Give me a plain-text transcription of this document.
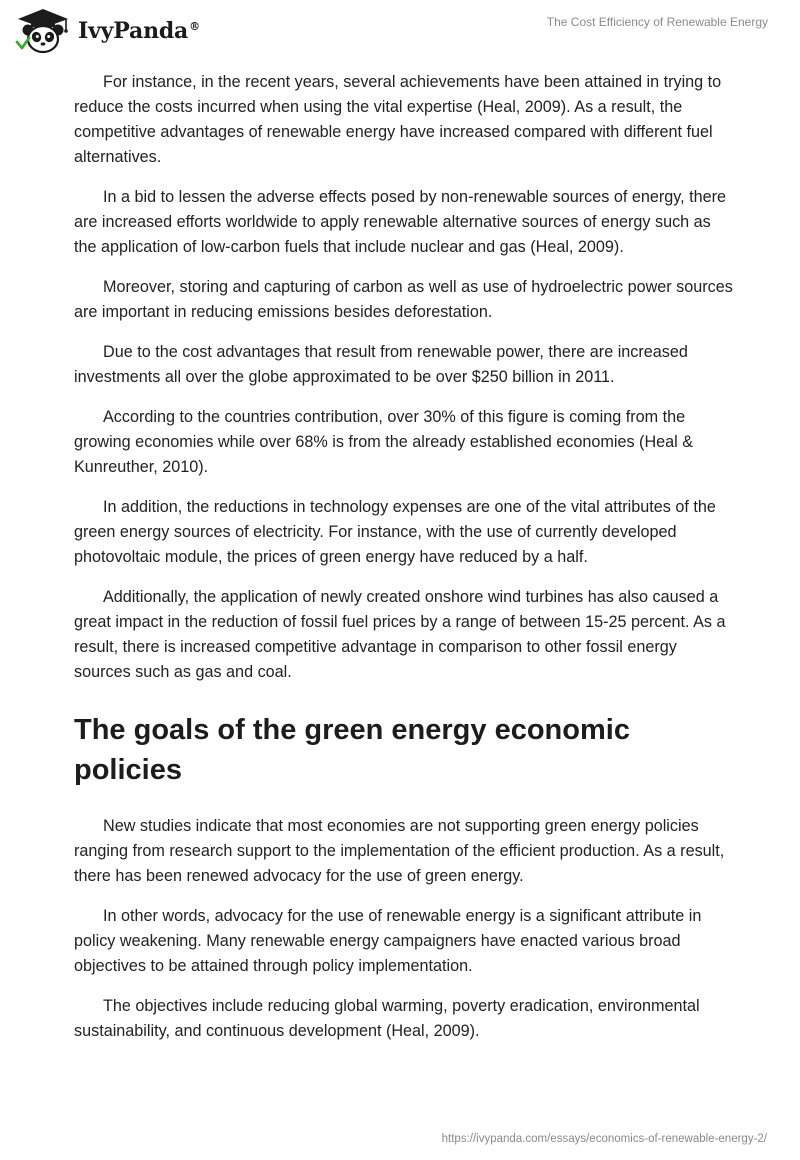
IvyPanda®	The Cost Efficiency of Renewable Energy

For instance, in the recent years, several achievements have been attained in trying to reduce the costs incurred when using the vital expertise (Heal, 2009). As a result, the competitive advantages of renewable energy have increased compared with different fuel alternatives.

In a bid to lessen the adverse effects posed by non-renewable sources of energy, there are increased efforts worldwide to apply renewable alternative sources of energy such as the application of low-carbon fuels that include nuclear and gas (Heal, 2009).

Moreover, storing and capturing of carbon as well as use of hydroelectric power sources are important in reducing emissions besides deforestation.

Due to the cost advantages that result from renewable power, there are increased investments all over the globe approximated to be over $250 billion in 2011.

According to the countries contribution, over 30% of this figure is coming from the growing economies while over 68% is from the already established economies (Heal & Kunreuther, 2010).

In addition, the reductions in technology expenses are one of the vital attributes of the green energy sources of electricity. For instance, with the use of currently developed photovoltaic module, the prices of green energy have reduced by a half.

Additionally, the application of newly created onshore wind turbines has also caused a great impact in the reduction of fossil fuel prices by a range of between 15-25 percent. As a result, there is increased competitive advantage in comparison to other fossil energy sources such as gas and coal.

The goals of the green energy economic policies

New studies indicate that most economies are not supporting green energy policies ranging from research support to the implementation of the efficient production. As a result, there has been renewed advocacy for the use of green energy.

In other words, advocacy for the use of renewable energy is a significant attribute in policy weakening. Many renewable energy campaigners have enacted various broad objectives to be attained through policy implementation.

The objectives include reducing global warming, poverty eradication, environmental sustainability, and continuous development (Heal, 2009).

https://ivypanda.com/essays/economics-of-renewable-energy-2/
